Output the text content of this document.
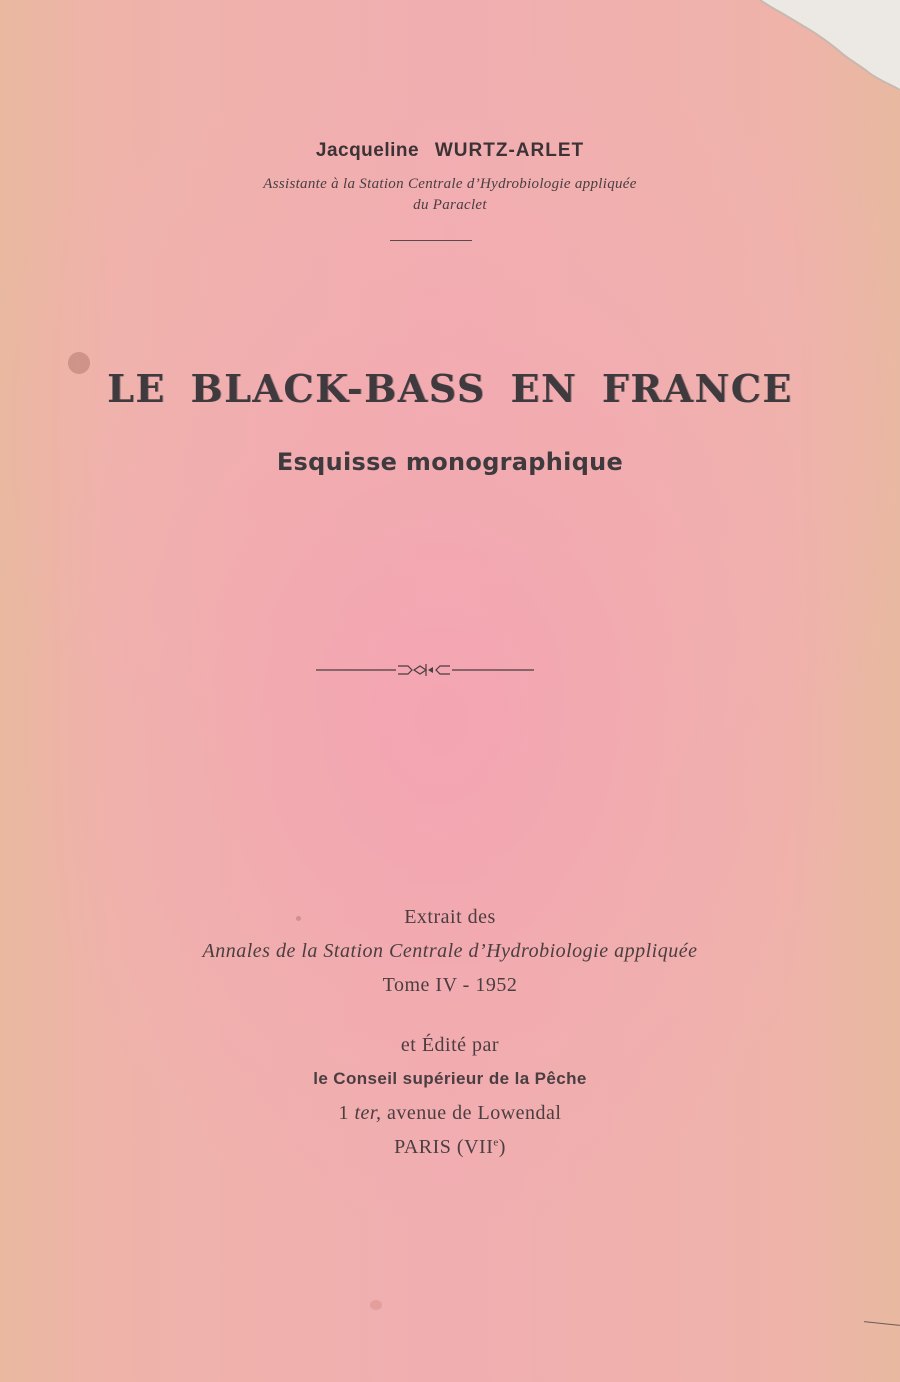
Jacqueline WURTZ-ARLET
Assistante à la Station Centrale d’Hydrobiologie appliquée
du Paraclet
LE BLACK-BASS EN FRANCE
Esquisse monographique
Extrait des
Annales de la Station Centrale d’Hydrobiologie appliquée
Tome IV - 1952
et Édité par
le Conseil supérieur de la Pêche
1 ter, avenue de Lowendal
PARIS (VIIe)
